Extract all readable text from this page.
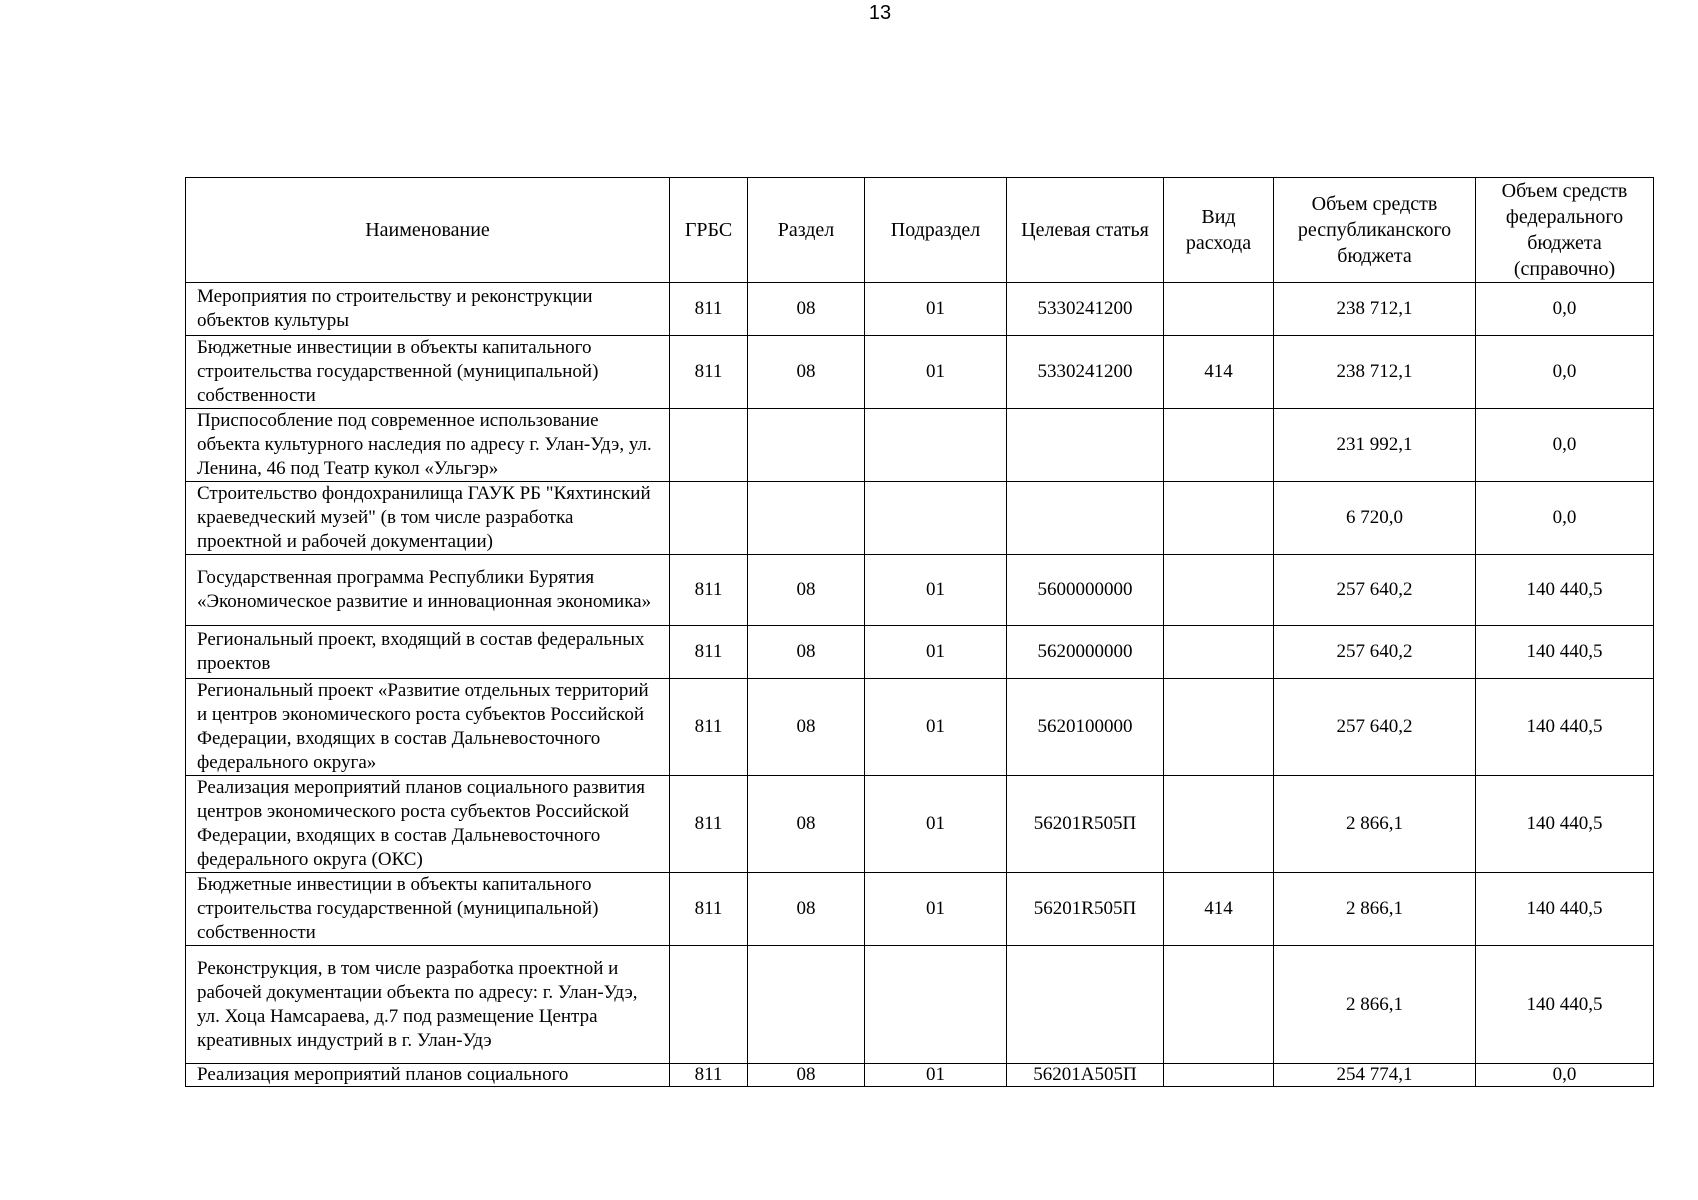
13
Наименование	ГРБС	Раздел	Подраздел	Целевая статья	Вид расхода	Объем средств республиканского бюджета	Объем средств федерального бюджета (справочно)
Мероприятия по строительству и реконструкции объектов культуры	811	08	01	5330241200		238 712,1	0,0
Бюджетные инвестиции в объекты капитального строительства государственной (муниципальной) собственности	811	08	01	5330241200	414	238 712,1	0,0
Приспособление под современное использование объекта культурного наследия по адресу г. Улан-Удэ, ул. Ленина, 46 под Театр кукол «Ульгэр»						231 992,1	0,0
Строительство фондохранилища ГАУК РБ "Кяхтинский краеведческий музей" (в том числе разработка проектной и рабочей документации)						6 720,0	0,0
Государственная программа Республики Бурятия «Экономическое развитие и инновационная экономика»	811	08	01	5600000000		257 640,2	140 440,5
Региональный проект, входящий в состав федеральных проектов	811	08	01	5620000000		257 640,2	140 440,5
Региональный проект «Развитие отдельных территорий и центров экономического роста субъектов Российской Федерации, входящих в состав Дальневосточного федерального округа»	811	08	01	5620100000		257 640,2	140 440,5
Реализация мероприятий планов социального развития центров экономического роста субъектов Российской Федерации, входящих в состав Дальневосточного федерального округа (ОКС)	811	08	01	56201R505П		2 866,1	140 440,5
Бюджетные инвестиции в объекты капитального строительства государственной (муниципальной) собственности	811	08	01	56201R505П	414	2 866,1	140 440,5
Реконструкция, в том числе разработка проектной и рабочей документации объекта по адресу: г. Улан-Удэ, ул. Хоца Намсараева, д.7 под размещение Центра креативных индустрий в г. Улан-Удэ						2 866,1	140 440,5
Реализация мероприятий планов социального	811	08	01	56201А505П		254 774,1	0,0
